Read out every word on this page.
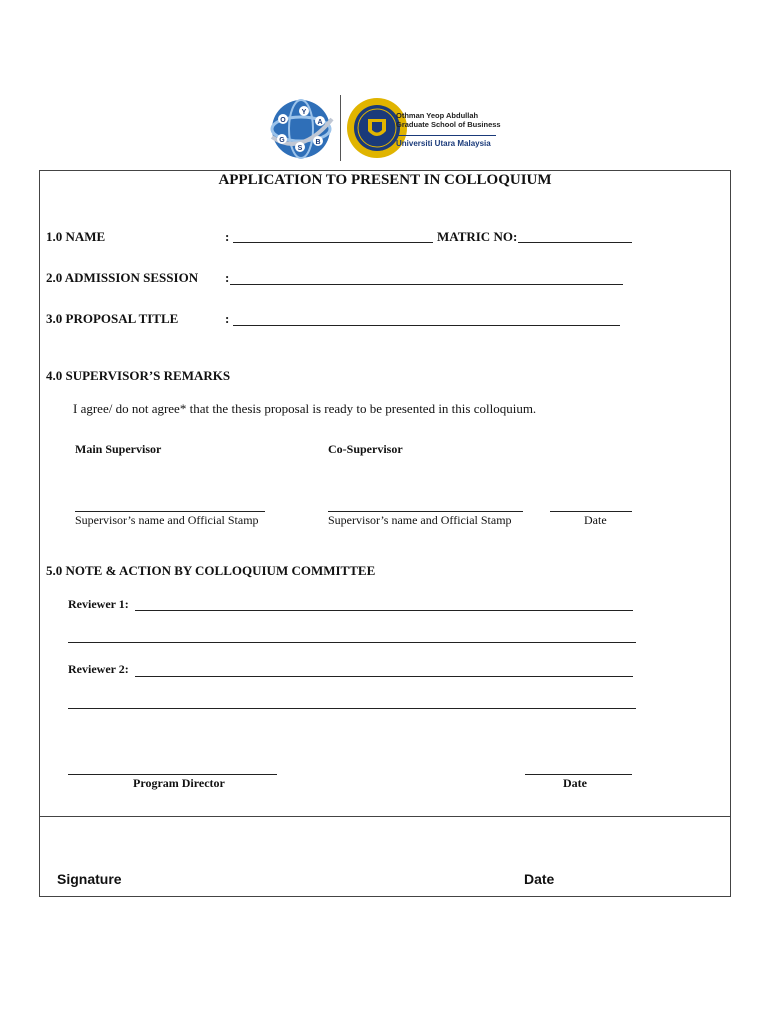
O
Y
A
G
S
B
Othman Yeop Abdullah
Graduate School of Business
Universiti Utara Malaysia
APPLICATION TO PRESENT IN COLLOQUIUM
1.0 NAME	:	MATRIC NO:
2.0 ADMISSION SESSION :
3.0 PROPOSAL TITLE	:
4.0 SUPERVISOR’S REMARKS
I agree/ do not agree* that the thesis proposal is ready to be presented in this colloquium.
Main Supervisor	Co-Supervisor
Supervisor’s name and Official Stamp	Supervisor’s name and Official Stamp	Date
5.0 NOTE & ACTION BY COLLOQUIUM COMMITTEE
Reviewer 1:
Reviewer 2:
Program Director	Date
Signature	Date
